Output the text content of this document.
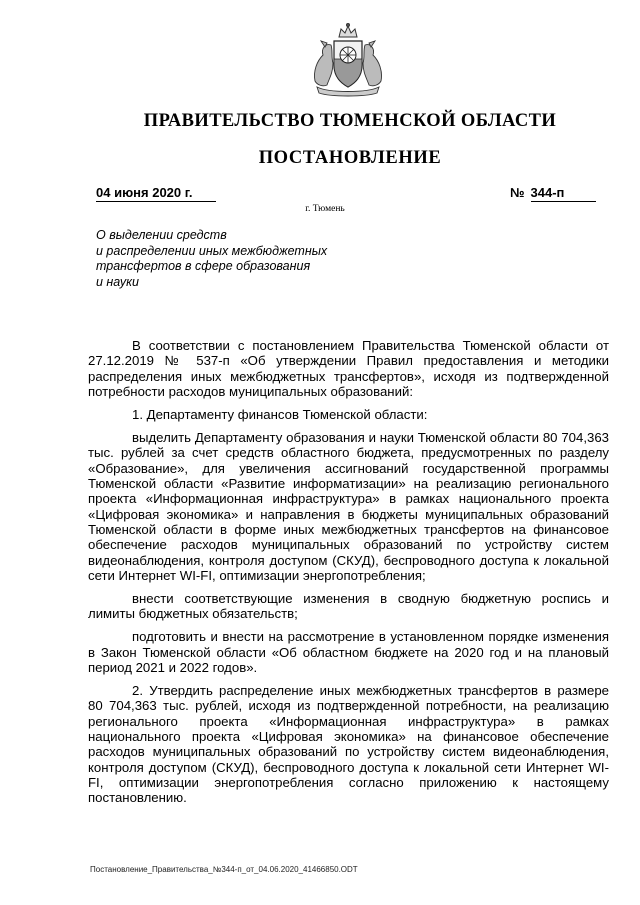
ПРАВИТЕЛЬСТВО ТЮМЕНСКОЙ ОБЛАСТИ
ПОСТАНОВЛЕНИЕ
04 июня 2020 г.	№ 344-п
г. Тюмень
О выделении средств
и распределении иных межбюджетных
трансфертов в сфере образования
и науки

В соответствии с постановлением Правительства Тюменской области от 27.12.2019 № 537-п «Об утверждении Правил предоставления и методики распределения иных межбюджетных трансфертов», исходя из подтвержденной потребности расходов муниципальных образований:

1. Департаменту финансов Тюменской области:

выделить Департаменту образования и науки Тюменской области 80 704,363 тыс. рублей за счет средств областного бюджета, предусмотренных по разделу «Образование», для увеличения ассигнований государственной программы Тюменской области «Развитие информатизации» на реализацию регионального проекта «Информационная инфраструктура» в рамках национального проекта «Цифровая экономика» и направления в бюджеты муниципальных образований Тюменской области в форме иных межбюджетных трансфертов на финансовое обеспечение расходов муниципальных образований по устройству систем видеонаблюдения, контроля доступом (СКУД), беспроводного доступа к локальной сети Интернет WI-FI, оптимизации энергопотребления;

внести соответствующие изменения в сводную бюджетную роспись и лимиты бюджетных обязательств;

подготовить и внести на рассмотрение в установленном порядке изменения в Закон Тюменской области «Об областном бюджете на 2020 год и на плановый период 2021 и 2022 годов».

2. Утвердить распределение иных межбюджетных трансфертов в размере 80 704,363 тыс. рублей, исходя из подтвержденной потребности, на реализацию регионального проекта «Информационная инфраструктура» в рамках национального проекта «Цифровая экономика» на финансовое обеспечение расходов муниципальных образований по устройству систем видеонаблюдения, контроля доступом (СКУД), беспроводного доступа к локальной сети Интернет WI-FI, оптимизации энергопотребления согласно приложению к настоящему постановлению.

Постановление_Правительства_№344-п_от_04.06.2020_41466850.ODT
